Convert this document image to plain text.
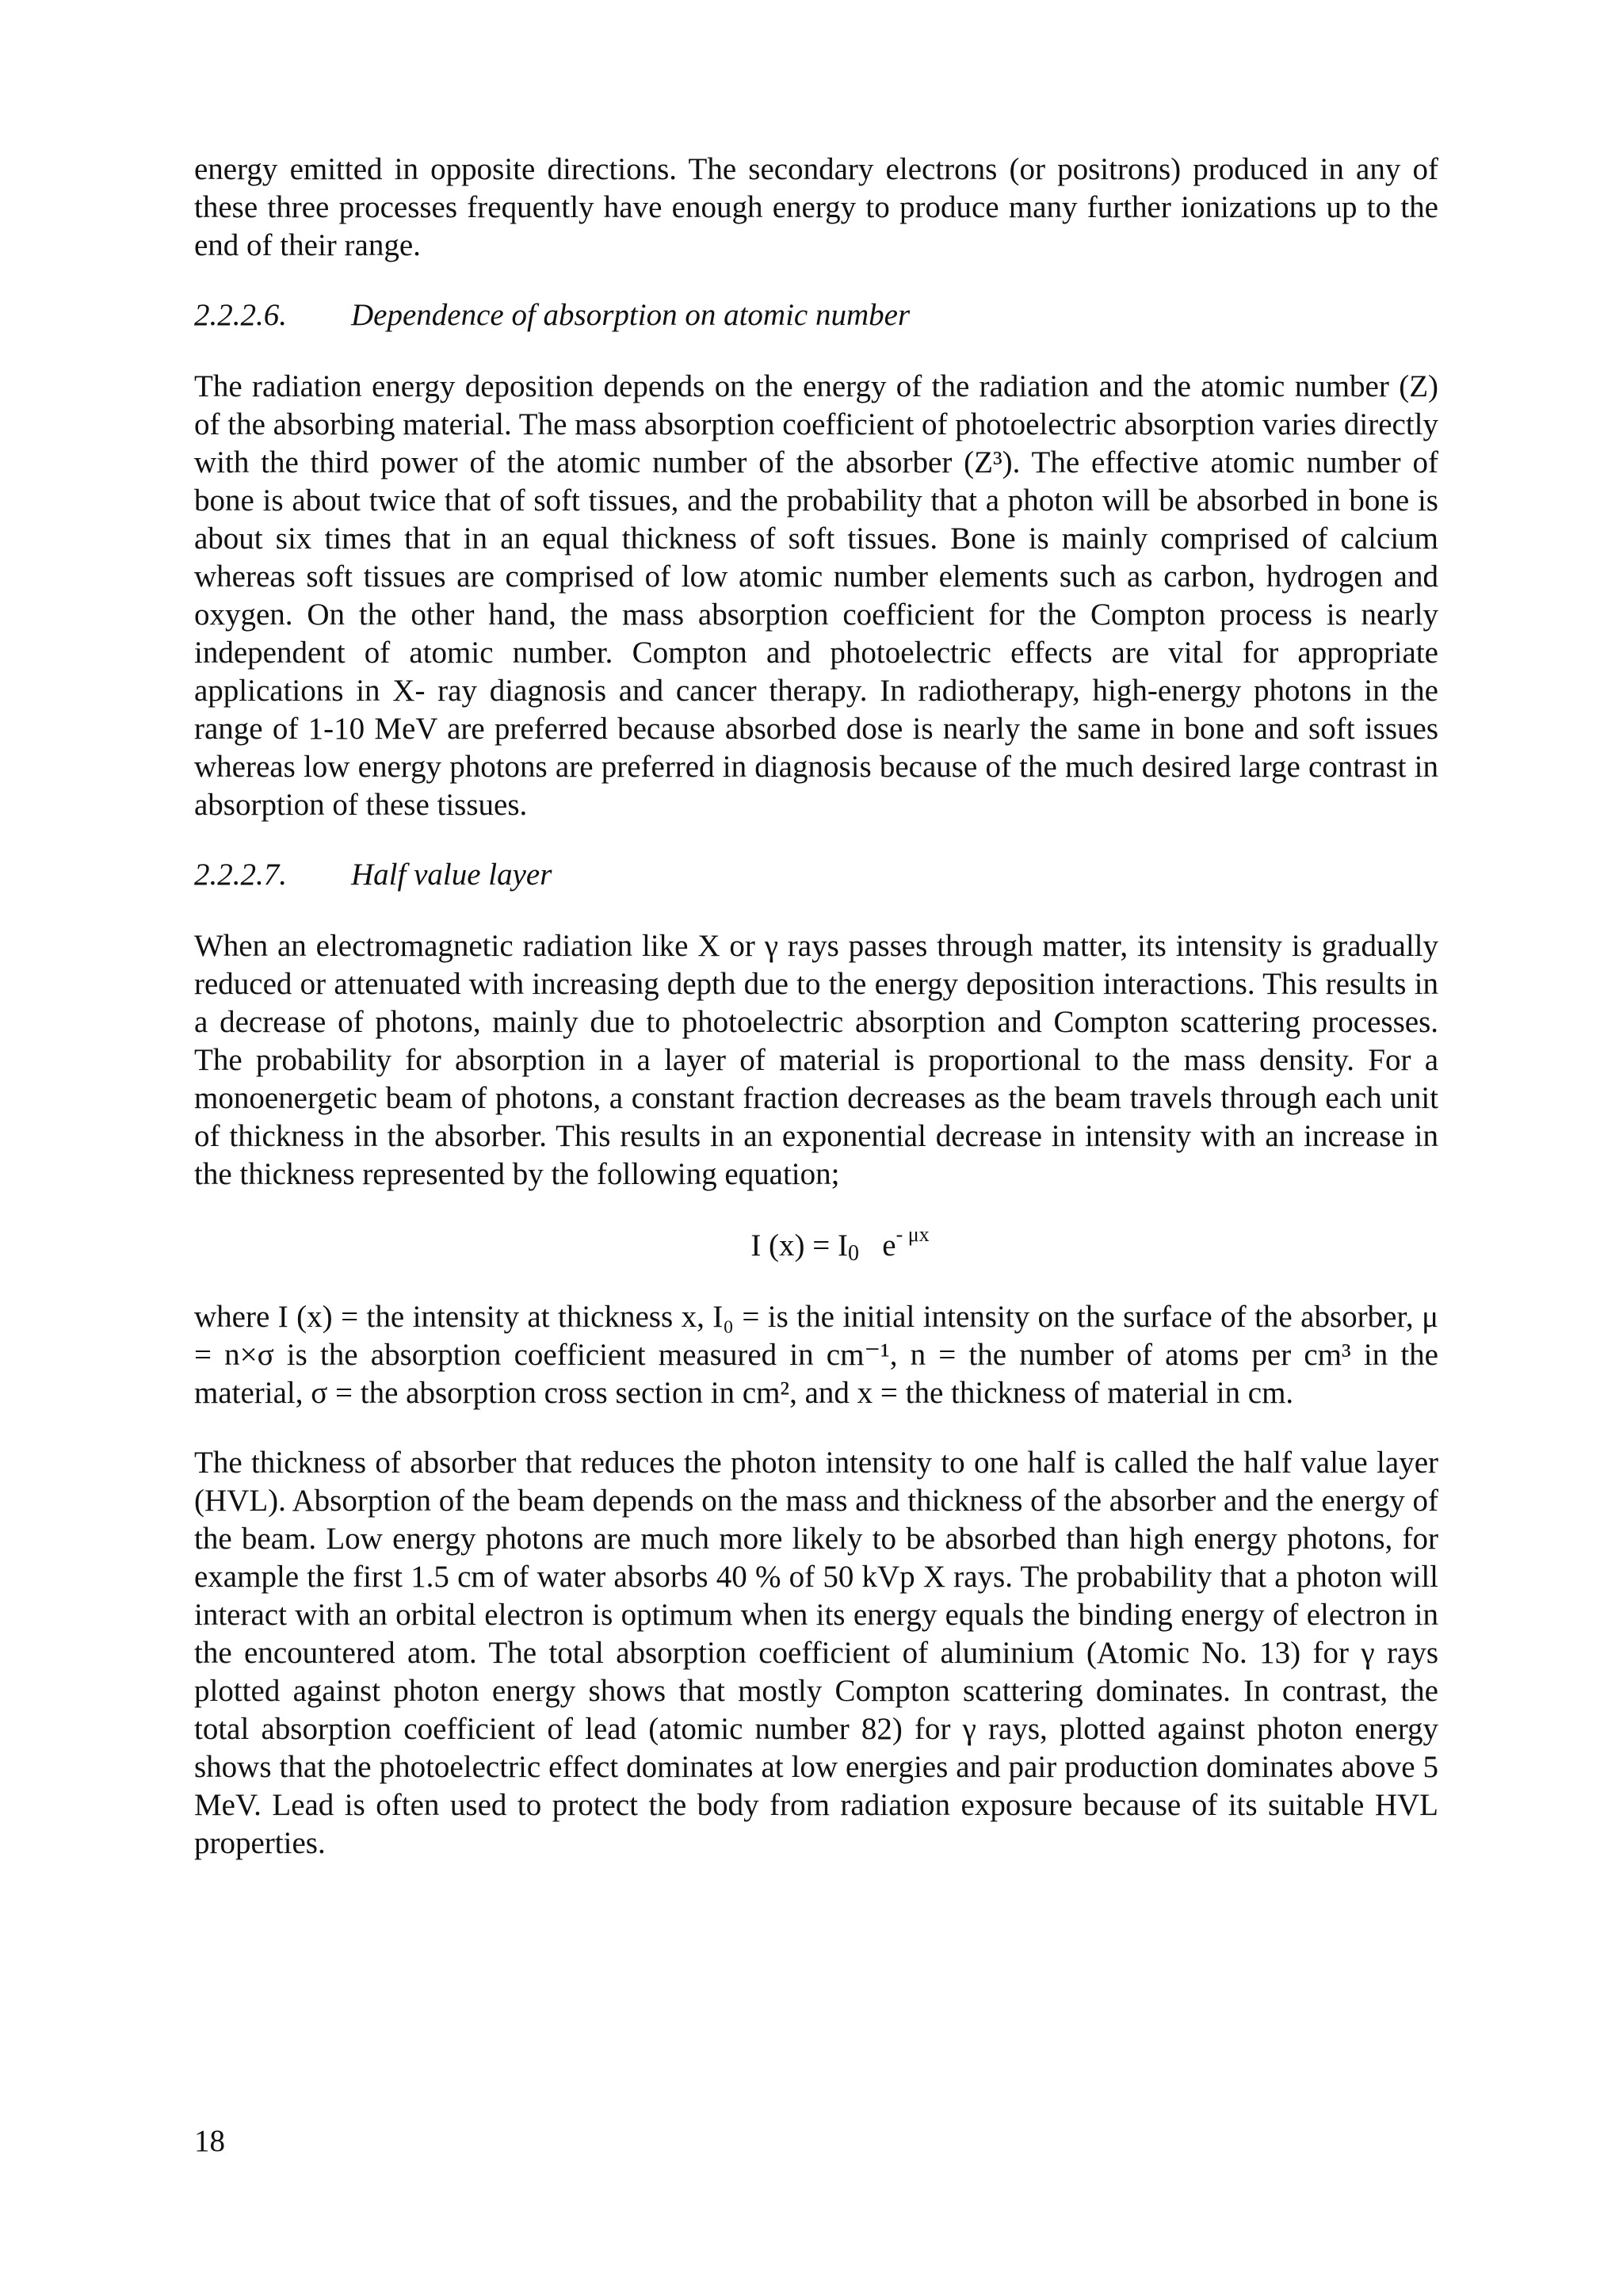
energy emitted in opposite directions. The secondary electrons (or positrons) produced in any of these three processes frequently have enough energy to produce many further ionizations up to the end of their range.

2.2.2.6.	Dependence of absorption on atomic number

The radiation energy deposition depends on the energy of the radiation and the atomic number (Z) of the absorbing material. The mass absorption coefficient of photoelectric absorption varies directly with the third power of the atomic number of the absorber (Z³). The effective atomic number of bone is about twice that of soft tissues, and the probability that a photon will be absorbed in bone is about six times that in an equal thickness of soft tissues. Bone is mainly comprised of calcium whereas soft tissues are comprised of low atomic number elements such as carbon, hydrogen and oxygen. On the other hand, the mass absorption coefficient for the Compton process is nearly independent of atomic number. Compton and photoelectric effects are vital for appropriate applications in X- ray diagnosis and cancer therapy. In radiotherapy, high-energy photons in the range of 1-10 MeV are preferred because absorbed dose is nearly the same in bone and soft issues whereas low energy photons are preferred in diagnosis because of the much desired large contrast in absorption of these tissues.

2.2.2.7.	Half value layer

When an electromagnetic radiation like X or γ rays passes through matter, its intensity is gradually reduced or attenuated with increasing depth due to the energy deposition interactions. This results in a decrease of photons, mainly due to photoelectric absorption and Compton scattering processes. The probability for absorption in a layer of material is proportional to the mass density. For a monoenergetic beam of photons, a constant fraction decreases as the beam travels through each unit of thickness in the absorber. This results in an exponential decrease in intensity with an increase in the thickness represented by the following equation;

I $(x) = I_0$ $e^{- \mu x}$

where I (x) = the intensity at thickness x, I₀ = is the initial intensity on the surface of the absorber, μ = n×σ is the absorption coefficient measured in cm⁻¹, n = the number of atoms per cm³ in the material, σ = the absorption cross section in cm², and x = the thickness of material in cm.

The thickness of absorber that reduces the photon intensity to one half is called the half value layer (HVL). Absorption of the beam depends on the mass and thickness of the absorber and the energy of the beam. Low energy photons are much more likely to be absorbed than high energy photons, for example the first 1.5 cm of water absorbs 40 % of 50 kVp X rays. The probability that a photon will interact with an orbital electron is optimum when its energy equals the binding energy of electron in the encountered atom. The total absorption coefficient of aluminium (Atomic No. 13) for γ rays plotted against photon energy shows that mostly Compton scattering dominates. In contrast, the total absorption coefficient of lead (atomic number 82) for γ rays, plotted against photon energy shows that the photoelectric effect dominates at low energies and pair production dominates above 5 MeV. Lead is often used to protect the body from radiation exposure because of its suitable HVL properties.

18
